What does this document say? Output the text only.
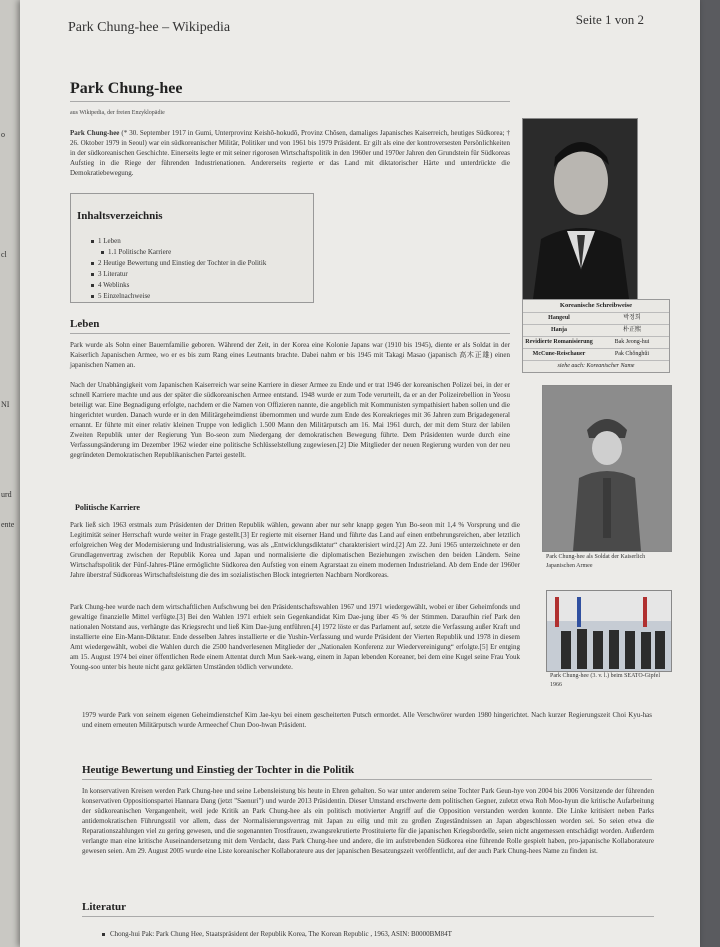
o
cl
NI
urd
ente
Park Chung-hee – Wikipedia
Seite 1 von 2
Park Chung-hee
aus Wikipedia, der freien Enzyklopädie
Park Chung-hee (* 30. September 1917 in Gumi, Unterprovinz Keishō-hokudō, Provinz Chōsen, damaliges Japanisches Kaiserreich, heutiges Südkorea; † 26. Oktober 1979 in Seoul) war ein südkoreanischer Militär, Politiker und von 1961 bis 1979 Präsident. Er gilt als eine der kontroversesten Persönlichkeiten in der südkoreanischen Geschichte. Einerseits legte er mit seiner rigorosen Wirtschaftspolitik in den 1960er und 1970er Jahren den Grundstein für Südkoreas Aufstieg in die Riege der führenden Industrienationen. Andererseits regierte er das Land mit diktatorischer Härte und unterdrückte die Demokratiebewegung.
Inhaltsverzeichnis
1 Leben
1.1 Politische Karriere
2 Heutige Bewertung und Einstieg der Tochter in die Politik
3 Literatur
4 Weblinks
5 Einzelnachweise
Leben
Park wurde als Sohn einer Bauernfamilie geboren. Während der Zeit, in der Korea eine Kolonie Japans war (1910 bis 1945), diente er als Soldat in der Kaiserlich Japanischen Armee, wo er es bis zum Rang eines Leutnants brachte. Dabei nahm er bis 1945 mit Takagi Masao (japanisch 高木正雄) einen japanischen Namen an.
Nach der Unabhängigkeit vom Japanischen Kaiserreich war seine Karriere in dieser Armee zu Ende und er trat 1946 der koreanischen Polizei bei, in der er schnell Karriere machte und aus der später die südkoreanischen Armee entstand. 1948 wurde er zum Tode verurteilt, da er an der Polizeirebellion in Yeosu beteiligt war. Eine Begnadigung erfolgte, nachdem er die Namen von Offizieren nannte, die angeblich mit Kommunisten sympathisiert haben sollen und die hingerichtet wurden. Danach wurde er in den Militärgeheimdienst übernommen und wurde zum Ende des Koreakrieges mit 36 Jahren zum Brigadegeneral ernannt. Er führte mit einer relativ kleinen Truppe von lediglich 1.500 Mann den Militärputsch am 16. Mai 1961 durch, der mit dem Sturz der labilen Zweiten Republik unter der Regierung Yun Bo-seon zum Niedergang der demokratischen Bewegung führte. Dem Präsidenten wurde durch eine Verfassungsänderung im Dezember 1962 wieder eine politische Schlüsselstellung zugewiesen.[2] Die Mitglieder der neuen Regierung wurden von der neu gegründeten Demokratischen Republikanischen Partei gestellt.
Politische Karriere
Park ließ sich 1963 erstmals zum Präsidenten der Dritten Republik wählen, gewann aber nur sehr knapp gegen Yun Bo-seon mit 1,4 % Vorsprung und die Legitimität seiner Herrschaft wurde weiter in Frage gestellt.[3] Er regierte mit eiserner Hand und führte das Land auf einen entbehrungsreichen, aber letztlich erfolgreichen Weg der Modernisierung und Industrialisierung, was als „Entwicklungsdiktatur“ charakterisiert wird.[2] Am 22. Juni 1965 unterzeichnete er den Grundlagenvertrag zwischen der Republik Korea und Japan und normalisierte die diplomatischen Beziehungen zwischen den beiden Ländern. Seine Wirtschaftspolitik der Fünf-Jahres-Pläne ermöglichte Südkorea den Aufstieg von einem Agrarstaat zu einem modernen Industrieland. Ab dem Ende der 1960er Jahre überstraf Südkoreas Wirtschaftsleistung die des im sozialistischen Block integrierten Nachbarn Nordkoreas.
Park Chung-hee wurde nach dem wirtschaftlichen Aufschwung bei den Präsidentschaftswahlen 1967 und 1971 wiedergewählt, wobei er über Geheimfonds und gewaltige finanzielle Mittel verfügte.[3] Bei den Wahlen 1971 erhielt sein Gegenkandidat Kim Dae-jung über 45 % der Stimmen. Daraufhin rief Park den nationalen Notstand aus, verhängte das Kriegsrecht und ließ Kim Dae-jung entführen.[4] 1972 löste er das Parlament auf, setzte die Verfassung außer Kraft und installierte eine Ein-Mann-Diktatur. Ende desselben Jahres installierte er die Yushin-Verfassung und wurde Präsident der Vierten Republik und 1978 in diesem Amt wiedergewählt, wobei die Wahlen durch die 2500 handverlesenen Mitglieder der „Nationalen Konferenz zur Wiedervereinigung“ erfolgte.[5] Er entging am 15. August 1974 bei einer öffentlichen Rede einem Attentat durch Mun Saek-wang, einem in Japan lebenden Koreaner, bei dem eine Kugel seine Frau Youk Young-soo unter bis heute nicht ganz geklärten Umständen tödlich verwundete.
1979 wurde Park von seinem eigenen Geheimdienstchef Kim Jae-kyu bei einem gescheiterten Putsch ermordet. Alle Verschwörer wurden 1980 hingerichtet. Nach kurzer Regierungszeit Choi Kyu-has und einem erneuten Militärputsch wurde Armeechef Chun Doo-hwan Präsident.
Heutige Bewertung und Einstieg der Tochter in die Politik
In konservativen Kreisen werden Park Chung-hee und seine Lebensleistung bis heute in Ehren gehalten. So war unter anderem seine Tochter Park Geun-hye von 2004 bis 2006 Vorsitzende der führenden konservativen Oppositionspartei Hannara Dang (jetzt "Saenuri") und wurde 2013 Präsidentin. Dieser Umstand erschwerte dem politischen Gegner, zuletzt etwa Roh Moo-hyun die kritische Aufarbeitung der südkoreanischen Vergangenheit, weil jede Kritik an Park Chung-hee als ein politisch motivierter Angriff auf die Opposition verstanden werden konnte. Die Linke kritisiert neben Parks antidemokratischen Führungsstil vor allem, dass der Normalisierungsvertrag mit Japan zu eilig und mit zu großen Zugeständnissen an Japan abgeschlossen worden sei. So seien etwa die Reparationszahlungen viel zu gering gewesen, und die sogenannten Trostfrauen, zwangsrekrutierte Prostituierte für die japanischen Kriegsbordelle, seien nicht angemessen entschädigt worden. Außerdem verlangte man eine kritische Auseinandersetzung mit dem Verdacht, dass Park Chung-hee und andere, die im aufstrebenden Südkorea eine führende Rolle gespielt haben, pro-japanische Kollaborateure gewesen seien. Am 29. August 2005 wurde eine Liste koreanischer Kollaborateure aus der japanischen Besatzungszeit veröffentlicht, auf der auch Park Chung-hees Name zu finden ist.
Literatur
Chong-hui Pak: Park Chung Hee, Staatspräsident der Republik Korea, The Korean Republic , 1963, ASIN: B0000BM84T
Koreanische Schreibweise
Hangeul	박정희
Hanja	朴正熙
Revidierte Romanisierung	Bak Jeong-hui
McCune-Reischauer	Pak Chŏnghŭi
siehe auch: Koreanischer Name
Park Chung-hee als Soldat der Kaiserlich Japanischen Armee
Park Chung-hee (3. v. l.) beim SEATO-Gipfel 1966
